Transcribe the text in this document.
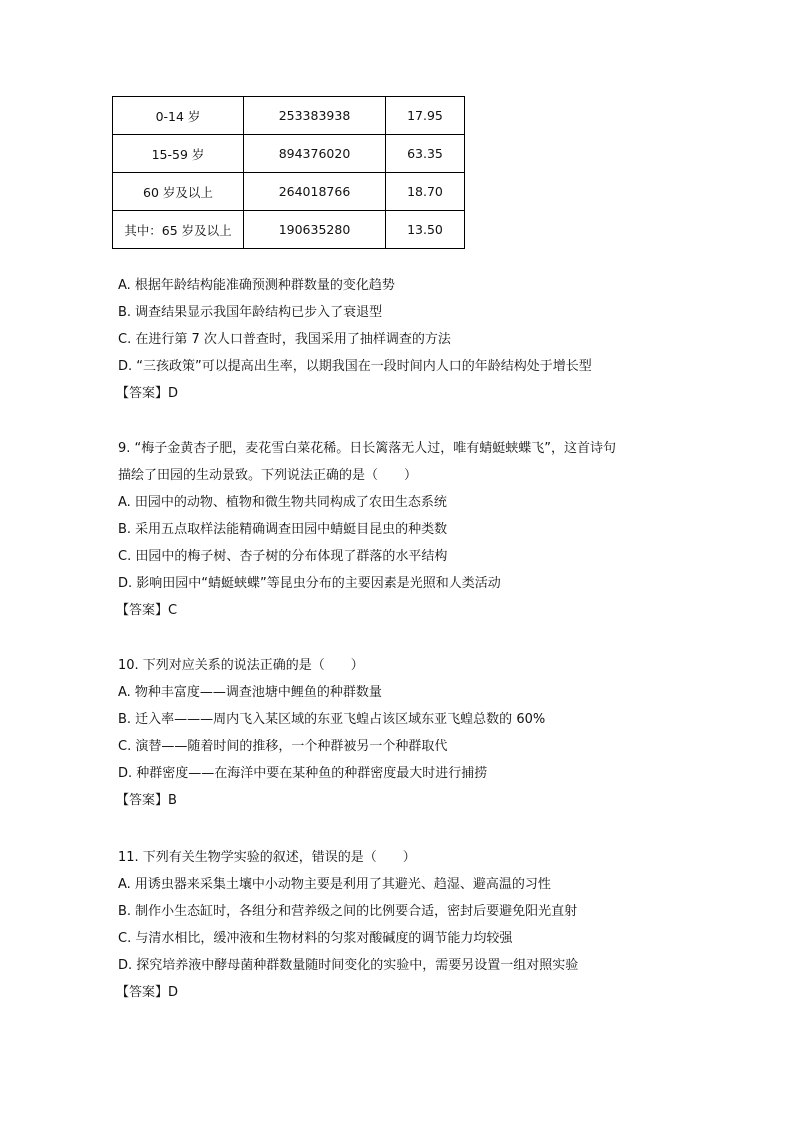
0-14 岁	253383938	17.95
15-59 岁	894376020	63.35
60 岁及以上	264018766	18.70
其中：65 岁及以上	190635280	13.50
A. 根据年龄结构能准确预测种群数量的变化趋势
B. 调查结果显示我国年龄结构已步入了衰退型
C. 在进行第 7 次人口普查时，我国采用了抽样调查的方法
D. “三孩政策”可以提高出生率，以期我国在一段时间内人口的年龄结构处于增长型
【答案】D
9. “梅子金黄杏子肥，麦花雪白菜花稀。日长篱落无人过，唯有蜻蜓蛱蝶飞”，这首诗句
描绘了田园的生动景致。下列说法正确的是（　　）
A. 田园中的动物、植物和微生物共同构成了农田生态系统
B. 采用五点取样法能精确调查田园中蜻蜓目昆虫的种类数
C. 田园中的梅子树、杏子树的分布体现了群落的水平结构
D. 影响田园中“蜻蜓蛱蝶”等昆虫分布的主要因素是光照和人类活动
【答案】C
10. 下列对应关系的说法正确的是（　　）
A. 物种丰富度——调查池塘中鲤鱼的种群数量
B. 迁入率———周内飞入某区域的东亚飞蝗占该区域东亚飞蝗总数的 60%
C. 演替——随着时间的推移，一个种群被另一个种群取代
D. 种群密度——在海洋中要在某种鱼的种群密度最大时进行捕捞
【答案】B
11. 下列有关生物学实验的叙述，错误的是（　　）
A. 用诱虫器来采集土壤中小动物主要是利用了其避光、趋湿、避高温的习性
B. 制作小生态缸时，各组分和营养级之间的比例要合适，密封后要避免阳光直射
C. 与清水相比，缓冲液和生物材料的匀浆对酸碱度的调节能力均较强
D. 探究培养液中酵母菌种群数量随时间变化的实验中，需要另设置一组对照实验
【答案】D
